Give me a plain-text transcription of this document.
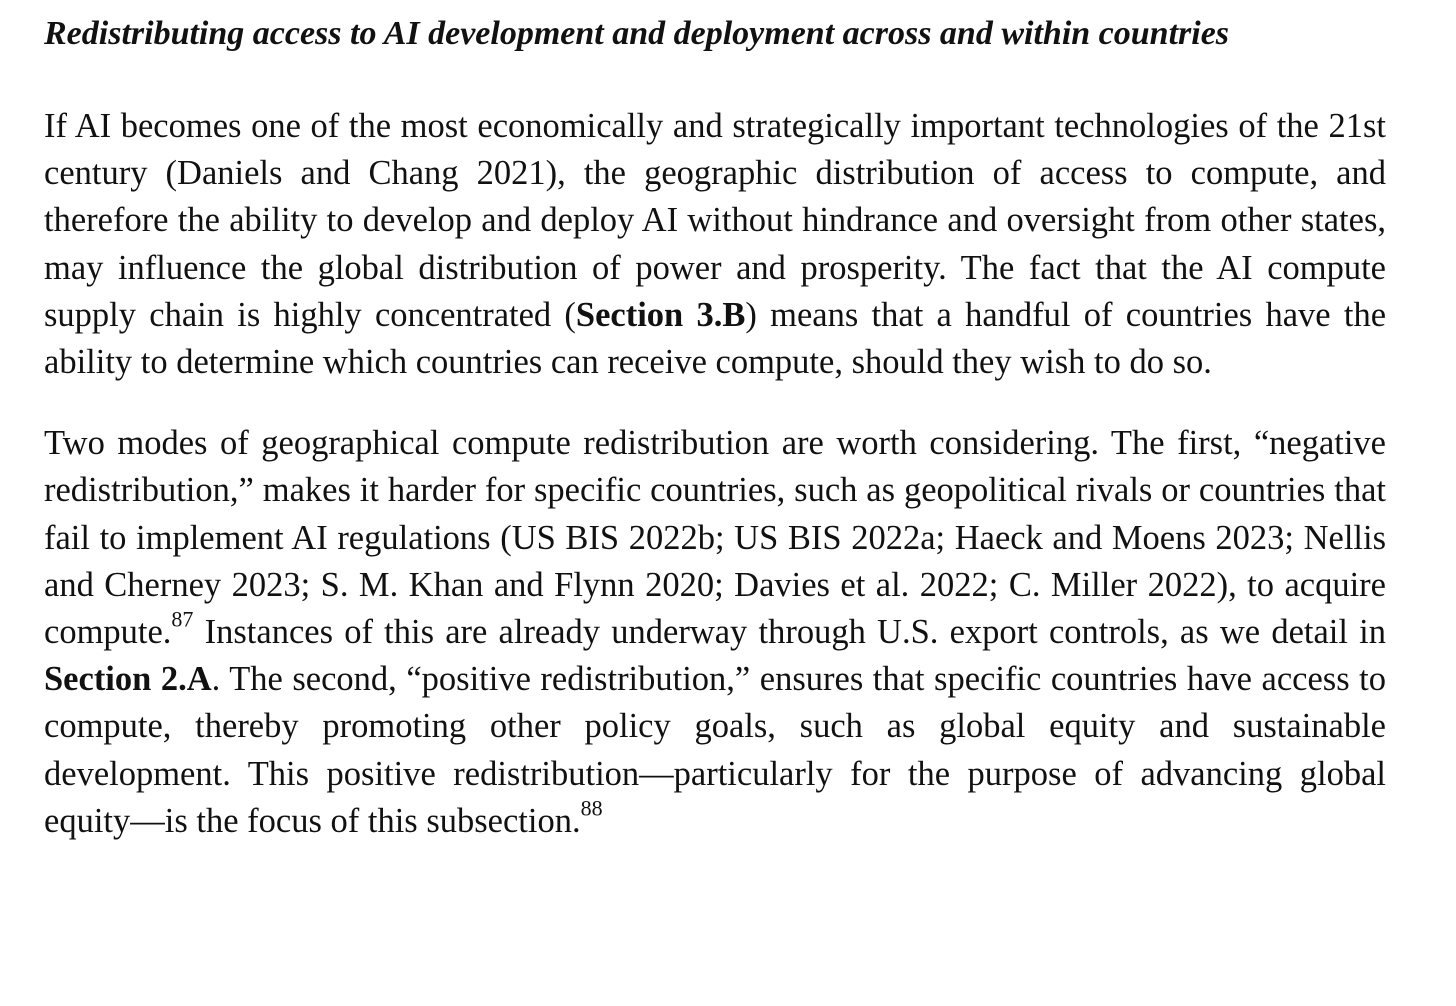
Redistributing access to AI development and deployment across and within countries

If AI becomes one of the most economically and strategically important technologies of the 21st century (Daniels and Chang 2021), the geographic distribution of access to compute, and therefore the ability to develop and deploy AI without hindrance and oversight from other states, may influence the global distribution of power and prosperity. The fact that the AI compute supply chain is highly concentrated (Section 3.B) means that a handful of countries have the ability to determine which countries can receive compute, should they wish to do so.

Two modes of geographical compute redistribution are worth considering. The first, “negative redistribution,” makes it harder for specific countries, such as geopolitical rivals or countries that fail to implement AI regulations (US BIS 2022b; US BIS 2022a; Haeck and Moens 2023; Nellis and Cherney 2023; S. M. Khan and Flynn 2020; Davies et al. 2022; C. Miller 2022), to acquire compute.$^{87}$ Instances of this are already underway through U.S. export controls, as we detail in Section 2.A. The second, “positive redistribution,” ensures that specific countries have access to compute, thereby promoting other policy goals, such as global equity and sustainable development. This positive redistribution—particularly for the purpose of advancing global equity—is the focus of this subsection.$^{88}$
